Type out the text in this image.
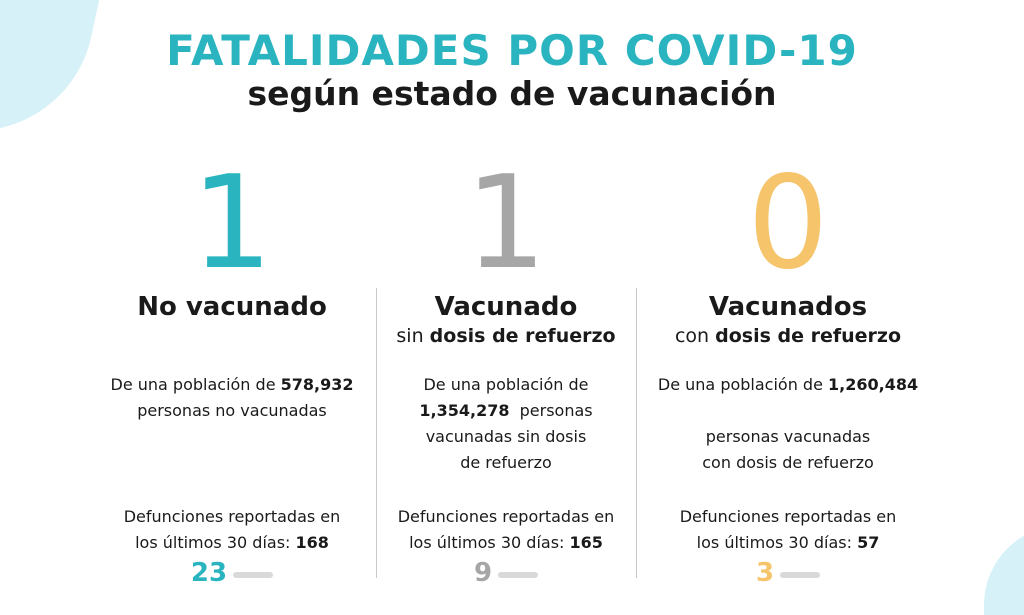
FATALIDADES POR COVID-19
según estado de vacunación
1
No vacunado
De una población de 578,932
personas no vacunadas
Defunciones reportadas en
los últimos 30 días: 168
23
1
Vacunado
sin dosis de refuerzo
De una población de
1,354,278 personas
vacunadas sin dosis
de refuerzo
Defunciones reportadas en
los últimos 30 días: 165
9
0
Vacunados
con dosis de refuerzo
De una población de 1,260,484

personas vacunadas
con dosis de refuerzo
Defunciones reportadas en
los últimos 30 días: 57
3
